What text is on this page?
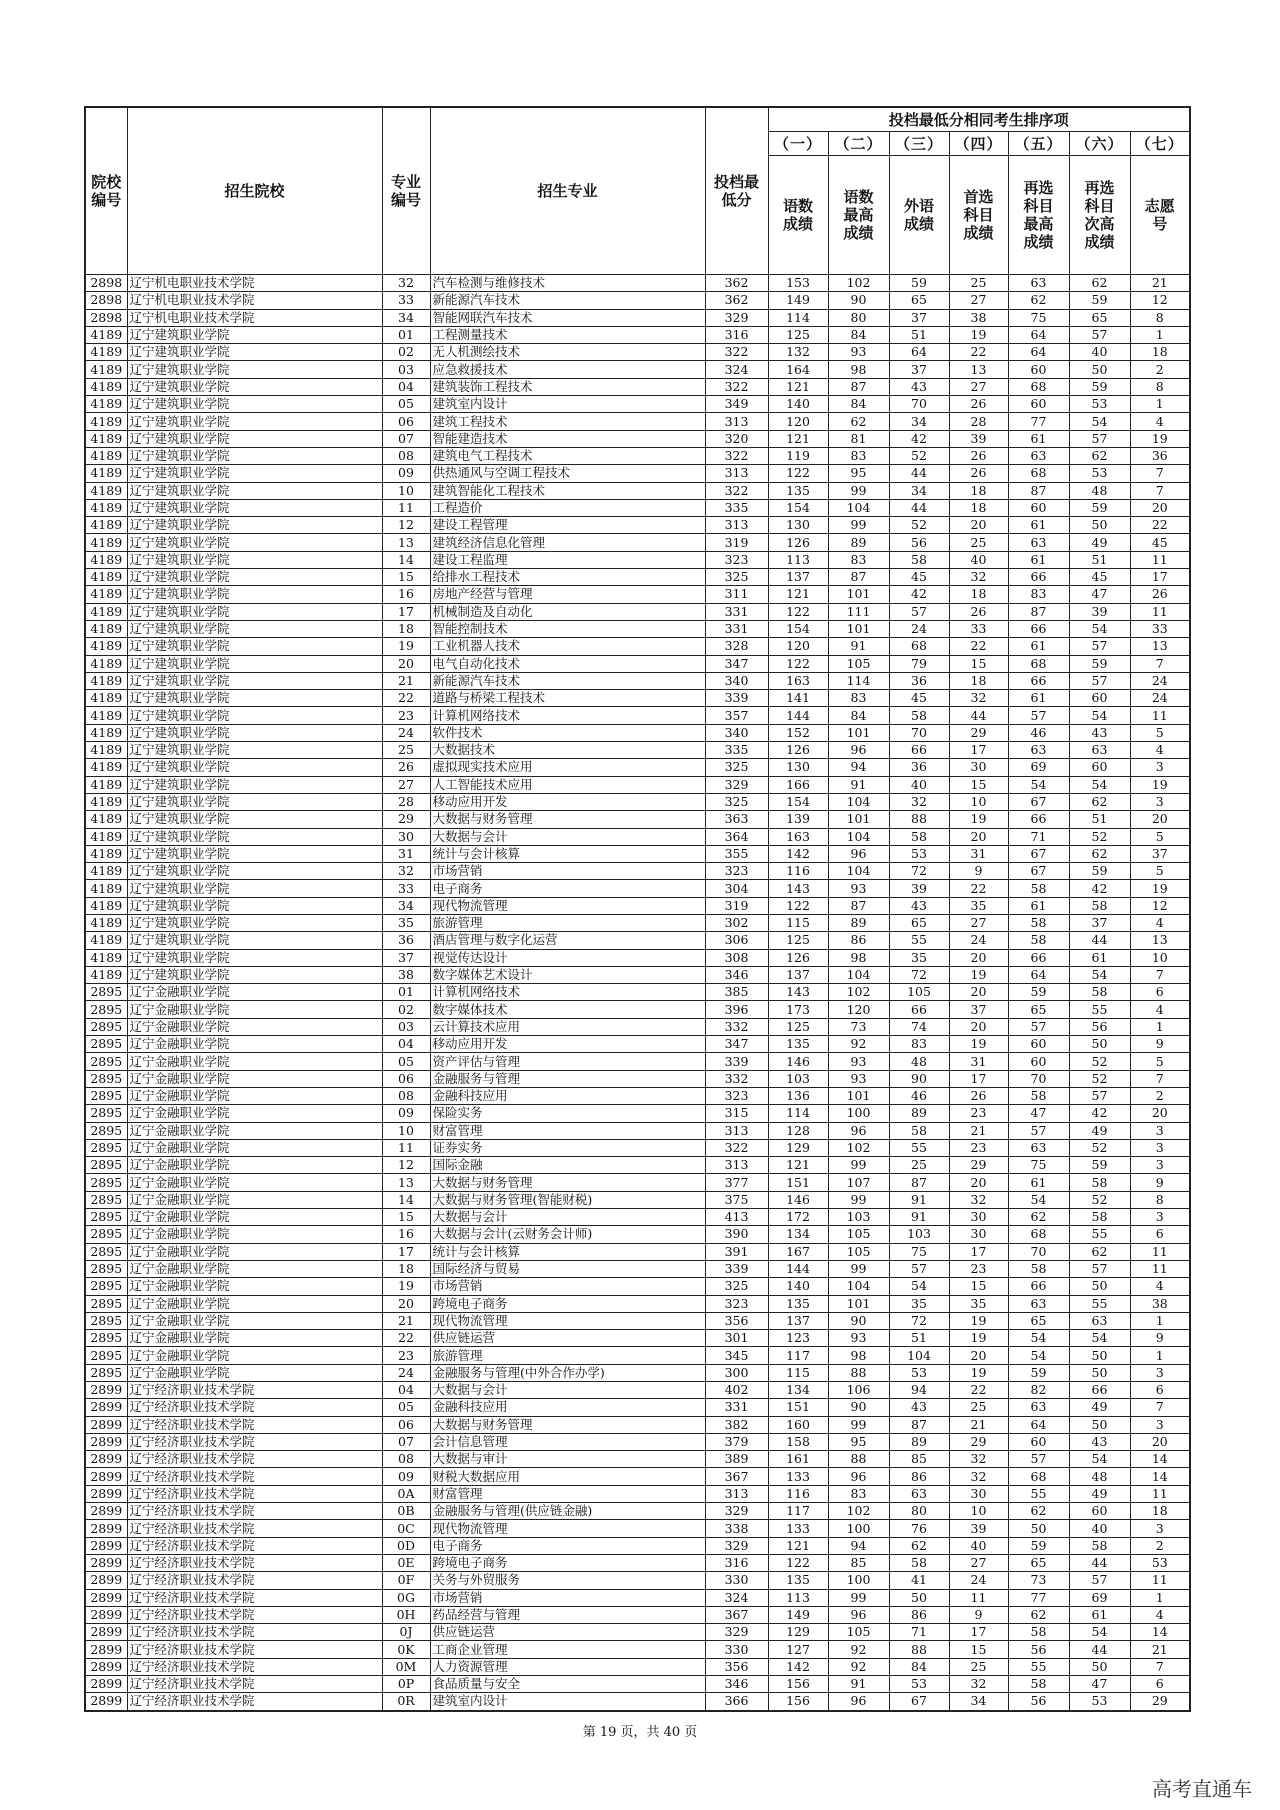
院校编号	招生院校	专业编号	招生专业	投档最低分	投档最低分相同考生排序项						
					（一）	（二）	（三）	（四）	（五）	（六）	（七）
					语数成绩	语数最高成绩	外语成绩	首选科目成绩	再选科目最高成绩	再选科目次高成绩	志愿号
2898	辽宁机电职业技术学院	32	汽车检测与维修技术	362	153	102	59	25	63	62	21
2898	辽宁机电职业技术学院	33	新能源汽车技术	362	149	90	65	27	62	59	12
2898	辽宁机电职业技术学院	34	智能网联汽车技术	329	114	80	37	38	75	65	8
4189	辽宁建筑职业学院	01	工程测量技术	316	125	84	51	19	64	57	1
4189	辽宁建筑职业学院	02	无人机测绘技术	322	132	93	64	22	64	40	18
4189	辽宁建筑职业学院	03	应急救援技术	324	164	98	37	13	60	50	2
4189	辽宁建筑职业学院	04	建筑装饰工程技术	322	121	87	43	27	68	59	8
4189	辽宁建筑职业学院	05	建筑室内设计	349	140	84	70	26	60	53	1
4189	辽宁建筑职业学院	06	建筑工程技术	313	120	62	34	28	77	54	4
4189	辽宁建筑职业学院	07	智能建造技术	320	121	81	42	39	61	57	19
4189	辽宁建筑职业学院	08	建筑电气工程技术	322	119	83	52	26	63	62	36
4189	辽宁建筑职业学院	09	供热通风与空调工程技术	313	122	95	44	26	68	53	7
4189	辽宁建筑职业学院	10	建筑智能化工程技术	322	135	99	34	18	87	48	7
4189	辽宁建筑职业学院	11	工程造价	335	154	104	44	18	60	59	20
4189	辽宁建筑职业学院	12	建设工程管理	313	130	99	52	20	61	50	22
4189	辽宁建筑职业学院	13	建筑经济信息化管理	319	126	89	56	25	63	49	45
4189	辽宁建筑职业学院	14	建设工程监理	323	113	83	58	40	61	51	11
4189	辽宁建筑职业学院	15	给排水工程技术	325	137	87	45	32	66	45	17
4189	辽宁建筑职业学院	16	房地产经营与管理	311	121	101	42	18	83	47	26
4189	辽宁建筑职业学院	17	机械制造及自动化	331	122	111	57	26	87	39	11
4189	辽宁建筑职业学院	18	智能控制技术	331	154	101	24	33	66	54	33
4189	辽宁建筑职业学院	19	工业机器人技术	328	120	91	68	22	61	57	13
4189	辽宁建筑职业学院	20	电气自动化技术	347	122	105	79	15	68	59	7
4189	辽宁建筑职业学院	21	新能源汽车技术	340	163	114	36	18	66	57	24
4189	辽宁建筑职业学院	22	道路与桥梁工程技术	339	141	83	45	32	61	60	24
4189	辽宁建筑职业学院	23	计算机网络技术	357	144	84	58	44	57	54	11
4189	辽宁建筑职业学院	24	软件技术	340	152	101	70	29	46	43	5
4189	辽宁建筑职业学院	25	大数据技术	335	126	96	66	17	63	63	4
4189	辽宁建筑职业学院	26	虚拟现实技术应用	325	130	94	36	30	69	60	3
4189	辽宁建筑职业学院	27	人工智能技术应用	329	166	91	40	15	54	54	19
4189	辽宁建筑职业学院	28	移动应用开发	325	154	104	32	10	67	62	3
4189	辽宁建筑职业学院	29	大数据与财务管理	363	139	101	88	19	66	51	20
4189	辽宁建筑职业学院	30	大数据与会计	364	163	104	58	20	71	52	5
4189	辽宁建筑职业学院	31	统计与会计核算	355	142	96	53	31	67	62	37
4189	辽宁建筑职业学院	32	市场营销	323	116	104	72	9	67	59	5
4189	辽宁建筑职业学院	33	电子商务	304	143	93	39	22	58	42	19
4189	辽宁建筑职业学院	34	现代物流管理	319	122	87	43	35	61	58	12
4189	辽宁建筑职业学院	35	旅游管理	302	115	89	65	27	58	37	4
4189	辽宁建筑职业学院	36	酒店管理与数字化运营	306	125	86	55	24	58	44	13
4189	辽宁建筑职业学院	37	视觉传达设计	308	126	98	35	20	66	61	10
4189	辽宁建筑职业学院	38	数字媒体艺术设计	346	137	104	72	19	64	54	7
2895	辽宁金融职业学院	01	计算机网络技术	385	143	102	105	20	59	58	6
2895	辽宁金融职业学院	02	数字媒体技术	396	173	120	66	37	65	55	4
2895	辽宁金融职业学院	03	云计算技术应用	332	125	73	74	20	57	56	1
2895	辽宁金融职业学院	04	移动应用开发	347	135	92	83	19	60	50	9
2895	辽宁金融职业学院	05	资产评估与管理	339	146	93	48	31	60	52	5
2895	辽宁金融职业学院	06	金融服务与管理	332	103	93	90	17	70	52	7
2895	辽宁金融职业学院	08	金融科技应用	323	136	101	46	26	58	57	2
2895	辽宁金融职业学院	09	保险实务	315	114	100	89	23	47	42	20
2895	辽宁金融职业学院	10	财富管理	313	128	96	58	21	57	49	3
2895	辽宁金融职业学院	11	证券实务	322	129	102	55	23	63	52	3
2895	辽宁金融职业学院	12	国际金融	313	121	99	25	29	75	59	3
2895	辽宁金融职业学院	13	大数据与财务管理	377	151	107	87	20	61	58	9
2895	辽宁金融职业学院	14	大数据与财务管理(智能财税)	375	146	99	91	32	54	52	8
2895	辽宁金融职业学院	15	大数据与会计	413	172	103	91	30	62	58	3
2895	辽宁金融职业学院	16	大数据与会计(云财务会计师)	390	134	105	103	30	68	55	6
2895	辽宁金融职业学院	17	统计与会计核算	391	167	105	75	17	70	62	11
2895	辽宁金融职业学院	18	国际经济与贸易	339	144	99	57	23	58	57	11
2895	辽宁金融职业学院	19	市场营销	325	140	104	54	15	66	50	4
2895	辽宁金融职业学院	20	跨境电子商务	323	135	101	35	35	63	55	38
2895	辽宁金融职业学院	21	现代物流管理	356	137	90	72	19	65	63	1
2895	辽宁金融职业学院	22	供应链运营	301	123	93	51	19	54	54	9
2895	辽宁金融职业学院	23	旅游管理	345	117	98	104	20	54	50	1
2895	辽宁金融职业学院	24	金融服务与管理(中外合作办学)	300	115	88	53	19	59	50	3
2899	辽宁经济职业技术学院	04	大数据与会计	402	134	106	94	22	82	66	6
2899	辽宁经济职业技术学院	05	金融科技应用	331	151	90	43	25	63	49	7
2899	辽宁经济职业技术学院	06	大数据与财务管理	382	160	99	87	21	64	50	3
2899	辽宁经济职业技术学院	07	会计信息管理	379	158	95	89	29	60	43	20
2899	辽宁经济职业技术学院	08	大数据与审计	389	161	88	85	32	57	54	14
2899	辽宁经济职业技术学院	09	财税大数据应用	367	133	96	86	32	68	48	14
2899	辽宁经济职业技术学院	0A	财富管理	313	116	83	63	30	55	49	11
2899	辽宁经济职业技术学院	0B	金融服务与管理(供应链金融)	329	117	102	80	10	62	60	18
2899	辽宁经济职业技术学院	0C	现代物流管理	338	133	100	76	39	50	40	3
2899	辽宁经济职业技术学院	0D	电子商务	329	121	94	62	40	59	58	2
2899	辽宁经济职业技术学院	0E	跨境电子商务	316	122	85	58	27	65	44	53
2899	辽宁经济职业技术学院	0F	关务与外贸服务	330	135	100	41	24	73	57	11
2899	辽宁经济职业技术学院	0G	市场营销	324	113	99	50	11	77	69	1
2899	辽宁经济职业技术学院	0H	药品经营与管理	367	149	96	86	9	62	61	4
2899	辽宁经济职业技术学院	0J	供应链运营	329	129	105	71	17	58	54	14
2899	辽宁经济职业技术学院	0K	工商企业管理	330	127	92	88	15	56	44	21
2899	辽宁经济职业技术学院	0M	人力资源管理	356	142	92	84	25	55	50	7
2899	辽宁经济职业技术学院	0P	食品质量与安全	346	156	91	53	32	58	47	6
2899	辽宁经济职业技术学院	0R	建筑室内设计	366	156	96	67	34	56	53	29
第 19 页，共 40 页
高考直通车
